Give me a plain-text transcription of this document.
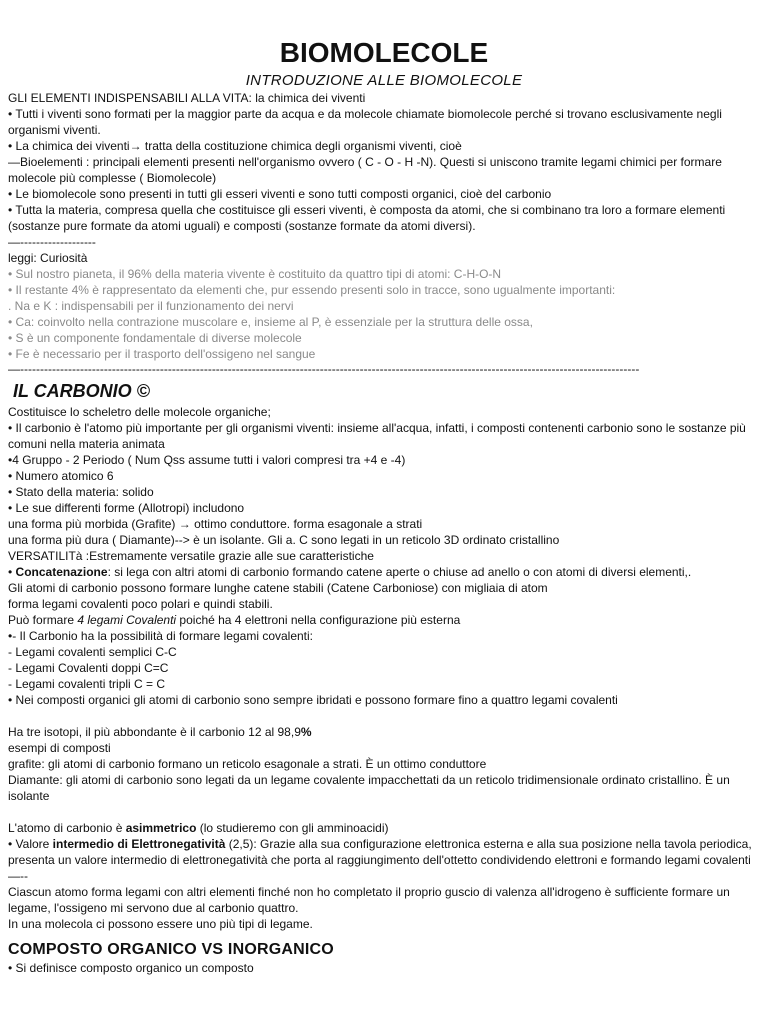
BIOMOLECOLE

INTRODUZIONE ALLE BIOMOLECOLE

GLI ELEMENTI INDISPENSABILI ALLA VITA: la chimica dei viventi

• Tutti i viventi sono formati per la maggior parte da acqua e da molecole chiamate biomolecole perché si trovano esclusivamente negli organismi viventi.

• La chimica dei viventi→ tratta della costituzione chimica degli organismi viventi, cioè

—Bioelementi : principali elementi presenti nell'organismo ovvero ( C - O - H -N). Questi si uniscono tramite legami chimici per formare molecole più complesse ( Biomolecole)

• Le biomolecole sono presenti in tutti gli esseri viventi e sono tutti composti organici, cioè del carbonio

• Tutta la materia, compresa quella che costituisce gli esseri viventi, è composta da atomi, che si combinano tra loro a formare elementi (sostanze pure formate da atomi uguali) e composti (sostanze formate da atomi diversi).

—-------------------

leggi: Curiosità

• Sul nostro pianeta, il 96% della materia vivente è costituito da quattro tipi di atomi: C-H-O-N

• Il restante 4% è rappresentato da elementi che, pur essendo presenti solo in tracce, sono ugualmente importanti:

. Na e K : indispensabili per il funzionamento dei nervi

• Ca: coinvolto nella contrazione muscolare e, insieme al P, è essenziale per la struttura delle ossa,

• S è un componente fondamentale di diverse molecole

• Fe è necessario per il trasporto dell'ossigeno nel sangue

—-----------------------------------------------------------------------------------------------------------------------------------------------------------

IL CARBONIO ©

Costituisce lo scheletro delle molecole organiche;

• Il carbonio è l'atomo più importante per gli organismi viventi: insieme all'acqua, infatti, i composti contenenti carbonio sono le sostanze più comuni nella materia animata

•4 Gruppo - 2 Periodo ( Num Qss assume tutti i valori compresi tra +4 e -4)

• Numero atomico 6

• Stato della materia: solido

• Le sue differenti forme (Allotropi) includono

una forma più morbida (Grafite) → ottimo conduttore. forma esagonale a strati

una forma più dura ( Diamante)--> è un isolante. Gli a. C sono legati in un reticolo 3D ordinato cristallino

VERSATILITà :Estremamente versatile grazie alle sue caratteristiche

• Concatenazione: si lega con altri atomi di carbonio formando catene aperte o chiuse ad anello o con atomi di diversi elementi,.

Gli atomi di carbonio possono formare lunghe catene stabili (Catene Carboniose) con migliaia di atom

forma legami covalenti poco polari e quindi stabili.

Può formare 4 legami Covalenti poiché ha 4 elettroni nella configurazione più esterna

•- Il Carbonio ha la possibilità di formare legami covalenti:

- Legami covalenti semplici C-C

- Legami Covalenti doppi C=C

- Legami covalenti tripli C = C

• Nei composti organici gli atomi di carbonio sono sempre ibridati e possono formare fino a quattro legami covalenti

Ha tre isotopi, il più abbondante è il carbonio 12 al 98,9%

esempi di composti

grafite: gli atomi di carbonio formano un reticolo esagonale a strati. È un ottimo conduttore

Diamante: gli atomi di carbonio sono legati da un legame covalente impacchettati da un reticolo tridimensionale ordinato cristallino. È un isolante

L'atomo di carbonio è asimmetrico (lo studieremo con gli amminoacidi)

• Valore intermedio di Elettronegatività (2,5): Grazie alla sua configurazione elettronica esterna e alla sua posizione nella tavola periodica, presenta un valore intermedio di elettronegatività che porta al raggiungimento dell'ottetto condividendo elettroni e formando legami covalenti

—--

Ciascun atomo forma legami con altri elementi finché non ho completato il proprio guscio di valenza all'idrogeno è sufficiente formare un legame, l'ossigeno mi servono due al carbonio quattro.

In una molecola ci possono essere uno più tipi di legame.

COMPOSTO ORGANICO VS INORGANICO

• Si definisce composto organico un composto
